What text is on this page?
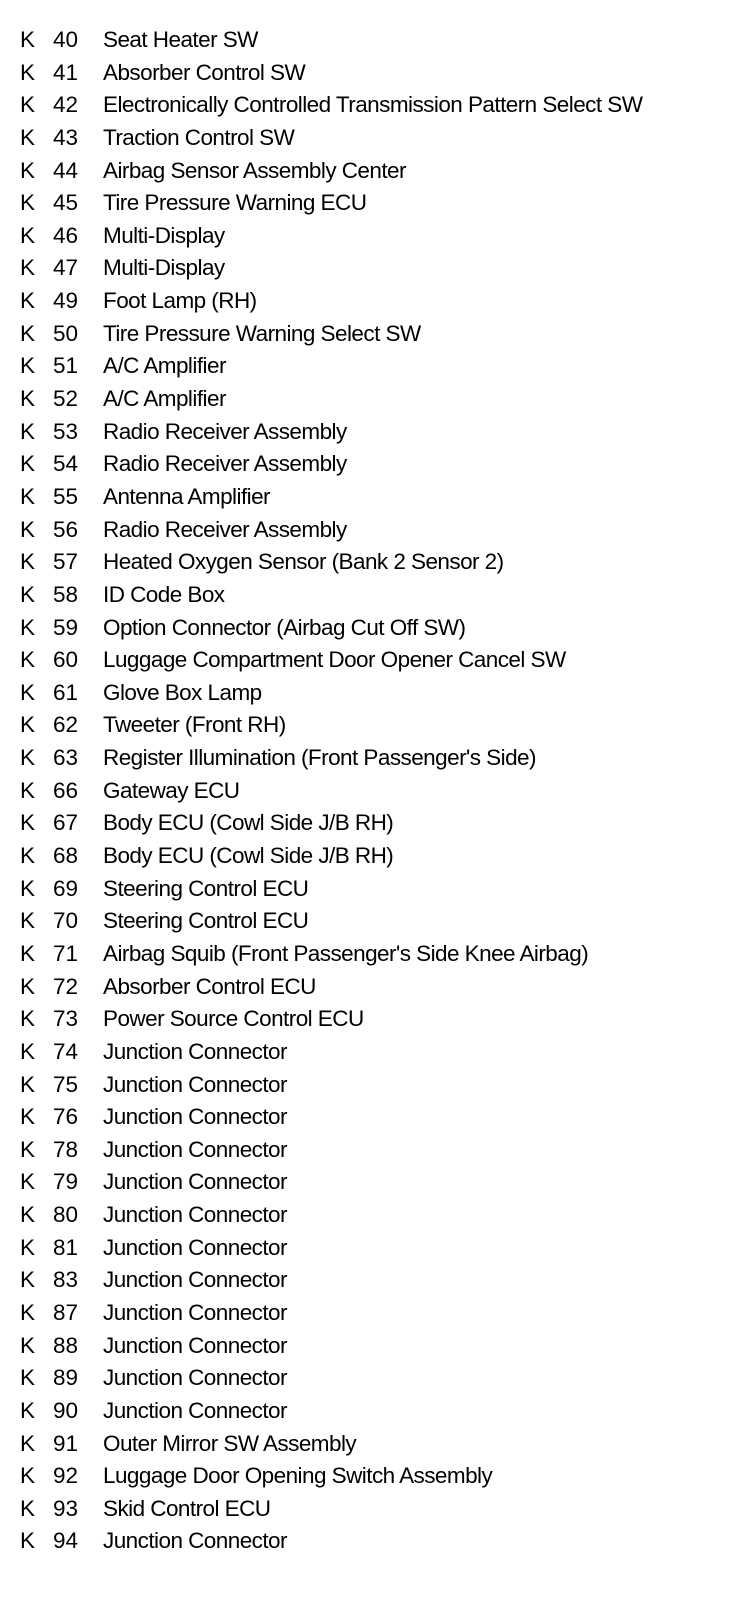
K 40 Seat Heater SW
K 41 Absorber Control SW
K 42 Electronically Controlled Transmission Pattern Select SW
K 43 Traction Control SW
K 44 Airbag Sensor Assembly Center
K 45 Tire Pressure Warning ECU
K 46 Multi-Display
K 47 Multi-Display
K 49 Foot Lamp (RH)
K 50 Tire Pressure Warning Select SW
K 51 A/C Amplifier
K 52 A/C Amplifier
K 53 Radio Receiver Assembly
K 54 Radio Receiver Assembly
K 55 Antenna Amplifier
K 56 Radio Receiver Assembly
K 57 Heated Oxygen Sensor (Bank 2 Sensor 2)
K 58 ID Code Box
K 59 Option Connector (Airbag Cut Off SW)
K 60 Luggage Compartment Door Opener Cancel SW
K 61 Glove Box Lamp
K 62 Tweeter (Front RH)
K 63 Register Illumination (Front Passenger's Side)
K 66 Gateway ECU
K 67 Body ECU (Cowl Side J/B RH)
K 68 Body ECU (Cowl Side J/B RH)
K 69 Steering Control ECU
K 70 Steering Control ECU
K 71 Airbag Squib (Front Passenger's Side Knee Airbag)
K 72 Absorber Control ECU
K 73 Power Source Control ECU
K 74 Junction Connector
K 75 Junction Connector
K 76 Junction Connector
K 78 Junction Connector
K 79 Junction Connector
K 80 Junction Connector
K 81 Junction Connector
K 83 Junction Connector
K 87 Junction Connector
K 88 Junction Connector
K 89 Junction Connector
K 90 Junction Connector
K 91 Outer Mirror SW Assembly
K 92 Luggage Door Opening Switch Assembly
K 93 Skid Control ECU
K 94 Junction Connector
